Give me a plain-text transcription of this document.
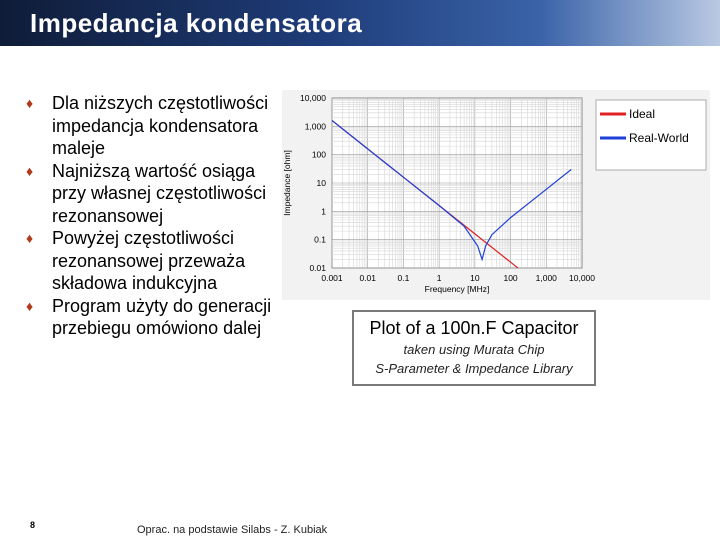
Impedancja kondensatora
♦ Dla niższych częstotliwości impedancja kondensatora maleje
♦ Najniższą wartość osiąga przy własnej częstotliwości rezonansowej
♦ Powyżej częstotliwości rezonansowej przeważa składowa indukcyjna
♦ Program użyty do generacji przebiegu omówiono dalej
0.001 0.01	0.1	1	10	100 1,000 10,000
10,000
1,000
100
10
1
0.1
0.01
Frequency [MHz]
Impedance [ohm]
Ideal
Real-World
Plot of a 100n.F Capacitor
taken using Murata Chip
S-Parameter & Impedance Library
8	Oprac. na podstawie Silabs - Z. Kubiak
